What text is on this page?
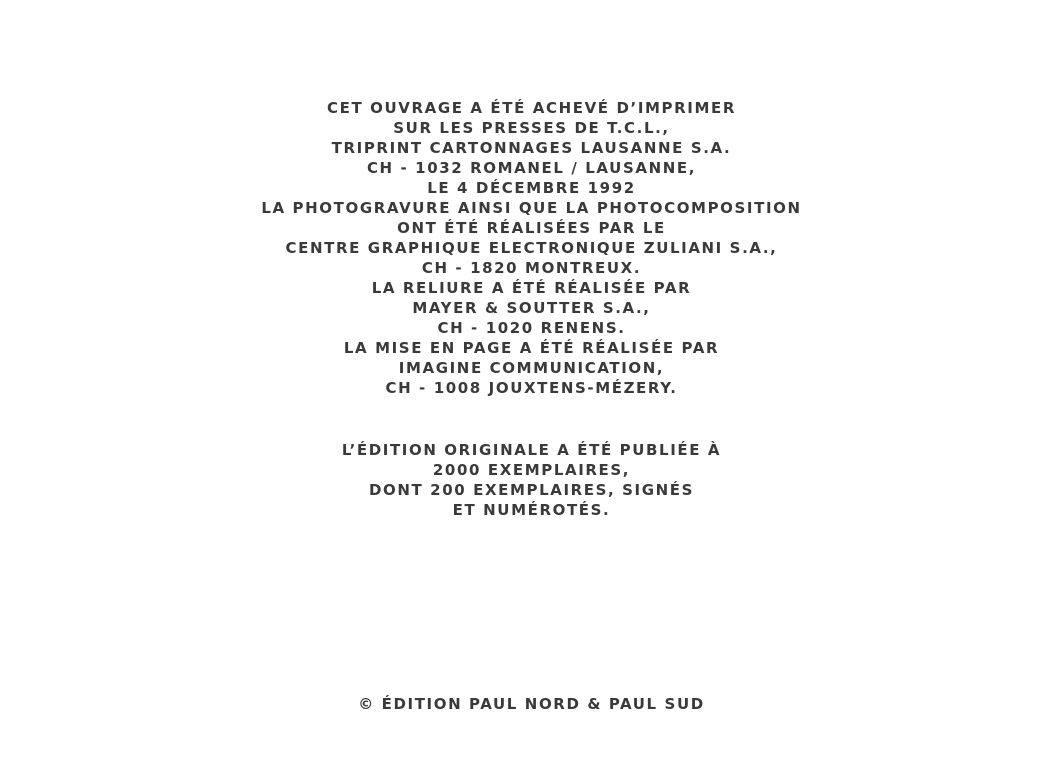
CET OUVRAGE A ÉTÉ ACHEVÉ D’IMPRIMER
SUR LES PRESSES DE T.C.L.,
TRIPRINT CARTONNAGES LAUSANNE S.A.
CH - 1032 ROMANEL / LAUSANNE,
LE 4 DÉCEMBRE 1992
LA PHOTOGRAVURE AINSI QUE LA PHOTOCOMPOSITION
ONT ÉTÉ RÉALISÉES PAR LE
CENTRE GRAPHIQUE ELECTRONIQUE ZULIANI S.A.,
CH - 1820 MONTREUX.
LA RELIURE A ÉTÉ RÉALISÉE PAR
MAYER & SOUTTER S.A.,
CH - 1020 RENENS.
LA MISE EN PAGE A ÉTÉ RÉALISÉE PAR
IMAGINE COMMUNICATION,
CH - 1008 JOUXTENS-MÉZERY.
L’ÉDITION ORIGINALE A ÉTÉ PUBLIÉE À
2000 EXEMPLAIRES,
DONT 200 EXEMPLAIRES, SIGNÉS
ET NUMÉROTÉS.
© ÉDITION PAUL NORD & PAUL SUD
